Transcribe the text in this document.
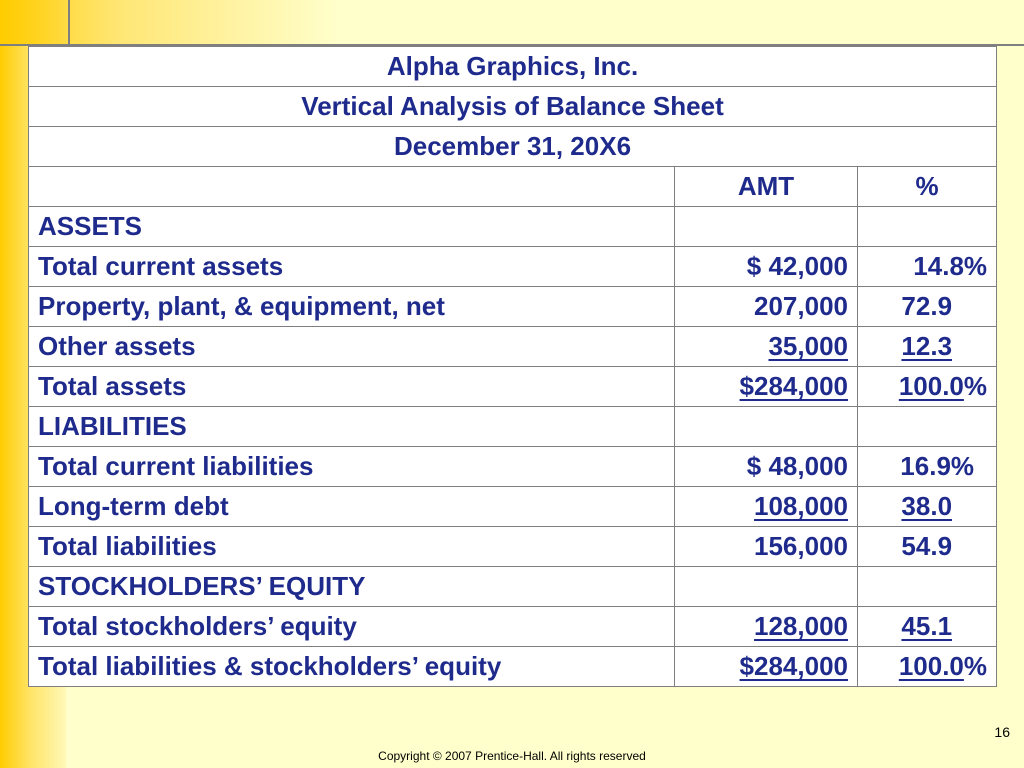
Alpha Graphics, Inc.		
Vertical Analysis of Balance Sheet		
December 31, 20X6		
	AMT	%
ASSETS		
Total current assets	$ 42,000	14.8%
Property, plant, & equipment, net	207,000	72.9
Other assets	35,000	12.3
Total assets	$284,000	100.0%
LIABILITIES		
Total current liabilities	$ 48,000	16.9%
Long-term debt	108,000	38.0
Total liabilities	156,000	54.9
STOCKHOLDERS’ EQUITY		
Total stockholders’ equity	128,000	45.1
Total liabilities & stockholders’ equity	$284,000	100.0%
16
Copyright © 2007 Prentice-Hall. All rights reserved
